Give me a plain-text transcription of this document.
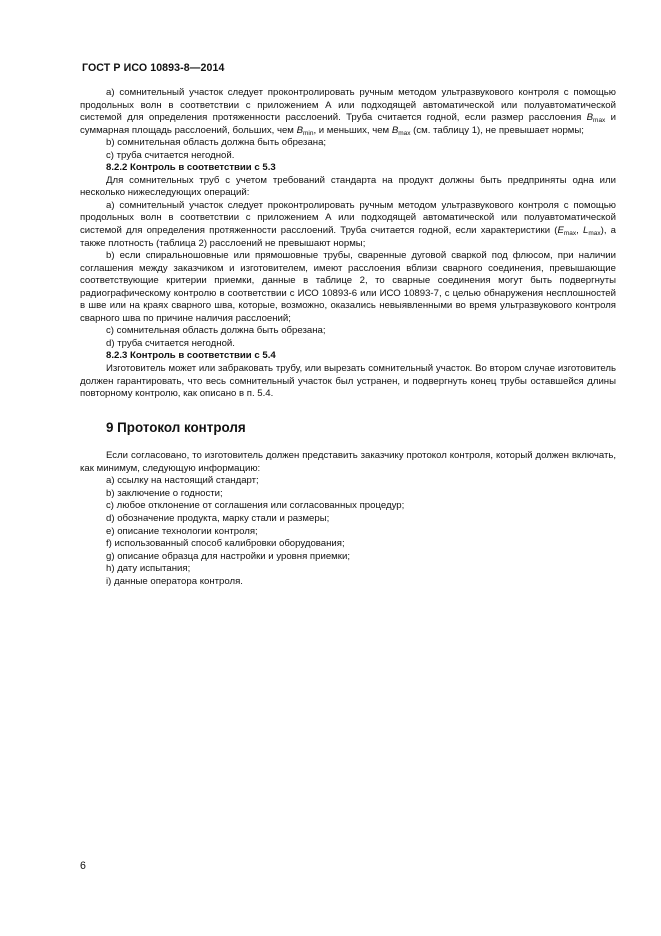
ГОСТ Р ИСО 10893-8—2014

а) сомнительный участок следует проконтролировать ручным методом ультразвукового контроля с помощью продольных волн в соответствии с приложением А или подходящей автоматической или полуавтоматической системой для определения протяженности расслоений. Труба считается годной, если размер расслоения $B_{max}$ и суммарная площадь расслоений, больших, чем $B_{min}$, и меньших, чем $B_{max}$ (см. таблицу 1), не превышает нормы;

b) сомнительная область должна быть обрезана;

с) труба считается негодной.

8.2.2 Контроль в соответствии с 5.3

Для сомнительных труб с учетом требований стандарта на продукт должны быть предприняты одна или несколько нижеследующих операций:

а) сомнительный участок следует проконтролировать ручным методом ультразвукового контроля с помощью продольных волн в соответствии с приложением А или подходящей автоматической или полуавтоматической системой для определения протяженности расслоений. Труба считается годной, если характеристики ($E_{max}$, $L_{max}$), а также плотность (таблица 2) расслоений не превышают нормы;

b) если спиральношовные или прямошовные трубы, сваренные дуговой сваркой под флюсом, при наличии соглашения между заказчиком и изготовителем, имеют расслоения вблизи сварного соединения, превышающие соответствующие критерии приемки, данные в таблице 2, то сварные соединения могут быть подвергнуты радиографическому контролю в соответствии с ИСО 10893-6 или ИСО 10893-7, с целью обнаружения несплошностей в шве или на краях сварного шва, которые, возможно, оказались невыявленными во время ультразвукового контроля сварного шва по причине наличия расслоений;

с) сомнительная область должна быть обрезана;

d) труба считается негодной.

8.2.3 Контроль в соответствии с 5.4

Изготовитель может или забраковать трубу, или вырезать сомнительный участок. Во втором случае изготовитель должен гарантировать, что весь сомнительный участок был устранен, и подвергнуть конец трубы оставшейся длины повторному контролю, как описано в п. 5.4.

9 Протокол контроля

Если согласовано, то изготовитель должен представить заказчику протокол контроля, который должен включать, как минимум, следующую информацию:

а) ссылку на настоящий стандарт;

b) заключение о годности;

с) любое отклонение от соглашения или согласованных процедур;

d) обозначение продукта, марку стали и размеры;

е) описание технологии контроля;

f) использованный способ калибровки оборудования;

g) описание образца для настройки и уровня приемки;

h) дату испытания;

i) данные оператора контроля.

6
